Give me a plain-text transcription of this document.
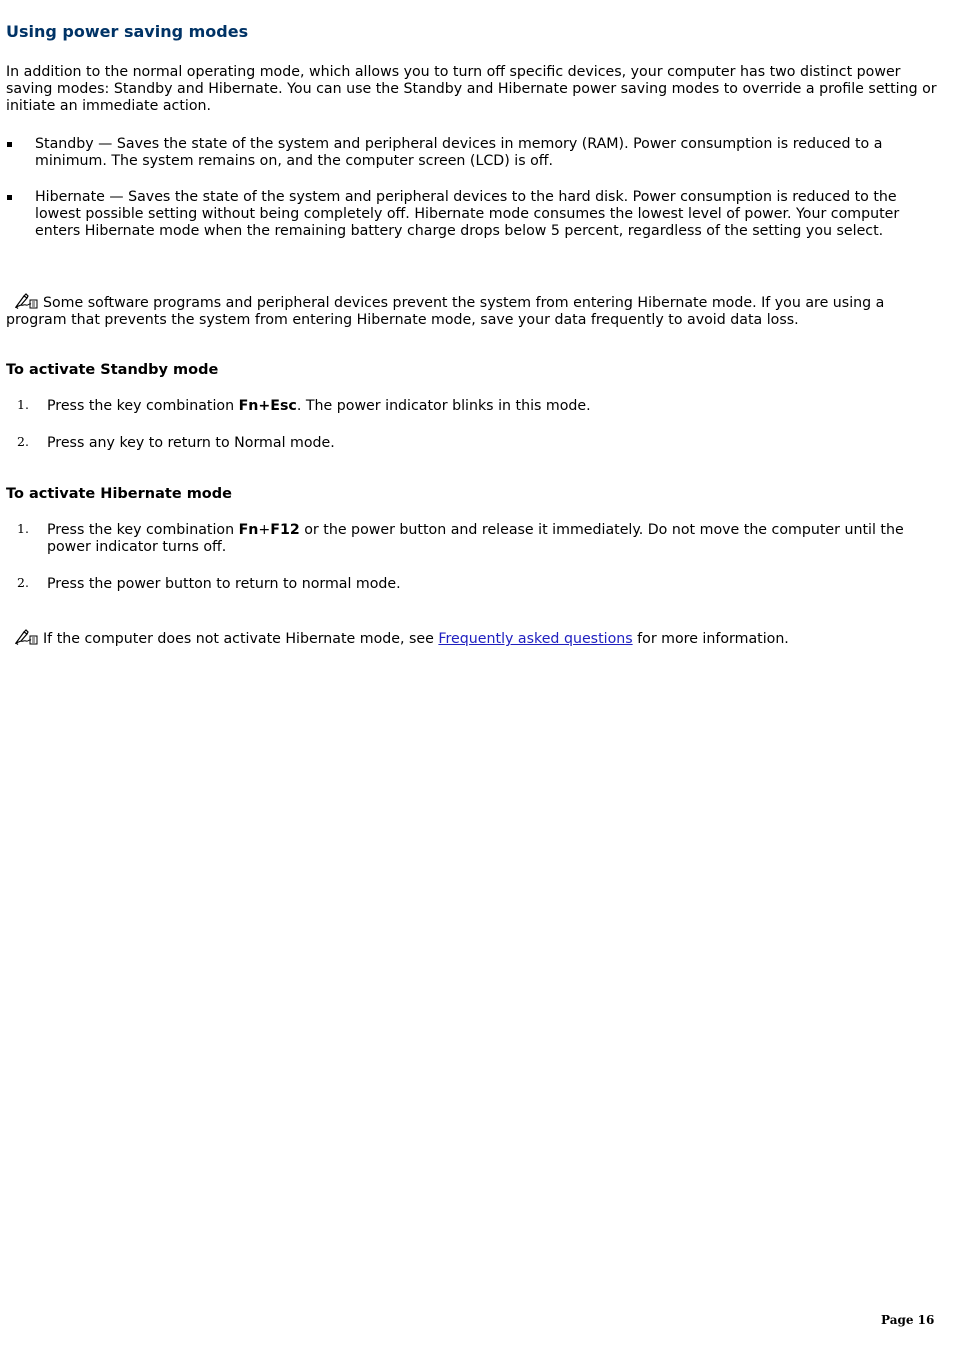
Using power saving modes

In addition to the normal operating mode, which allows you to turn off specific devices, your computer has two distinct power saving modes: Standby and Hibernate. You can use the Standby and Hibernate power saving modes to override a profile setting or initiate an immediate action.

Standby — Saves the state of the system and peripheral devices in memory (RAM). Power consumption is reduced to a minimum. The system remains on, and the computer screen (LCD) is off.
Hibernate — Saves the state of the system and peripheral devices to the hard disk. Power consumption is reduced to the lowest possible setting without being completely off. Hibernate mode consumes the lowest level of power. Your computer enters Hibernate mode when the remaining battery charge drops below 5 percent, regardless of the setting you select.

Some software programs and peripheral devices prevent the system from entering Hibernate mode. If you are using a program that prevents the system from entering Hibernate mode, save your data frequently to avoid data loss.

To activate Standby mode
1. Press the key combination Fn+Esc. The power indicator blinks in this mode.
2. Press any key to return to Normal mode.
To activate Hibernate mode
1. Press the key combination Fn+F12 or the power button and release it immediately. Do not move the computer until the power indicator turns off.
2. Press the power button to return to normal mode.

If the computer does not activate Hibernate mode, see Frequently asked questions for more information.

Page 16
